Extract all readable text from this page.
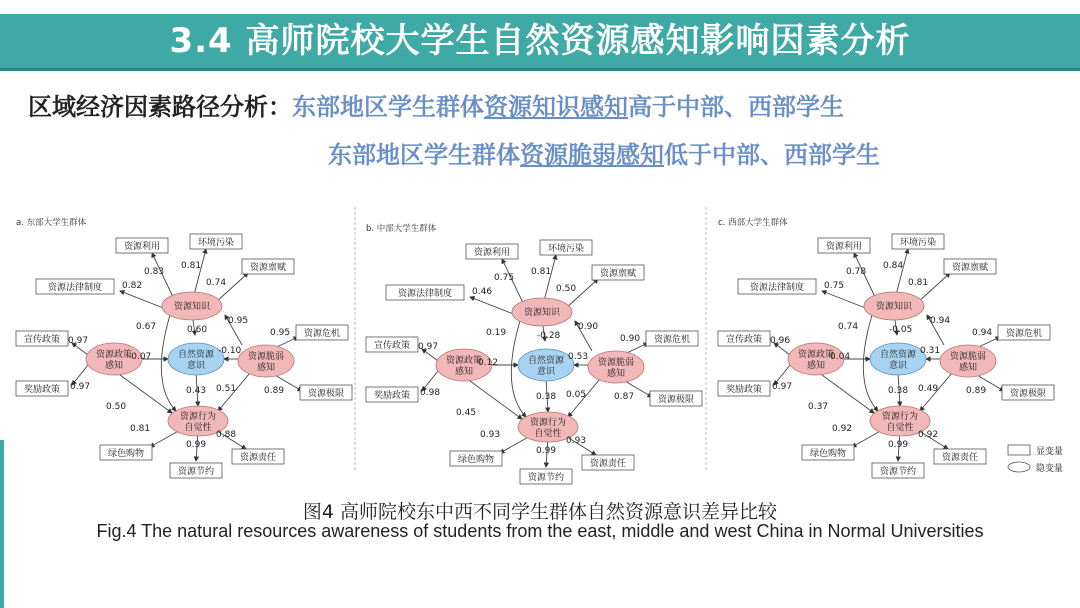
3.4 高师院校大学生自然资源感知影响因素分析
区域经济因素路径分析：东部地区学生群体资源知识感知高于中部、西部学生
东部地区学生群体资源脆弱感知低于中部、西部学生
a. 东部大学生群体
资源利用	环境污染
资源禀赋
资源法律制度
宣传政策
奖励政策
绿色购物
资源节约
资源责任
资源危机
资源极限
资源知识
资源政策
感知
自然资源
意识
资源脆弱
感知
资源行为
自觉性
0.83
0.81
0.74
0.82
0.67	0.60
0.95
0.97
-0.07
-0.10
0.95
0.97	0.43 0.51	0.89
0.50
0.81
0.99
0.88
b. 中部大学生群体
资源利用	环境污染
资源禀赋
资源法律制度
宣传政策
奖励政策
绿色购物
资源节约
资源责任
资源危机
资源极限
资源知识
资源政策
感知
自然资源
意识
资源脆弱
感知
资源行为
自觉性
0.75
0.81
0.50
0.46
0.19	-0.28
0.90
0.97
0.12
0.53
0.90
0.98	0.38 0.05	0.87
0.45
0.93
0.99
0.93
c. 西部大学生群体
资源利用	环境污染
资源禀赋
资源法律制度
宣传政策
奖励政策
绿色购物
资源节约
资源责任
资源危机
资源极限
资源知识
资源政策
感知
自然资源
意识
资源脆弱
感知
资源行为
自觉性
0.78
0.84
0.81
0.75
0.74	-0.05
0.94
0.96
0.04
0.31
0.94
0.97	0.38 0.49	0.89
0.37
0.92
0.99
0.92
显变量
隐变量
图4 高师院校东中西不同学生群体自然资源意识差异比较
Fig.4 The natural resources awareness of students from the east, middle and west China in Normal Universities
